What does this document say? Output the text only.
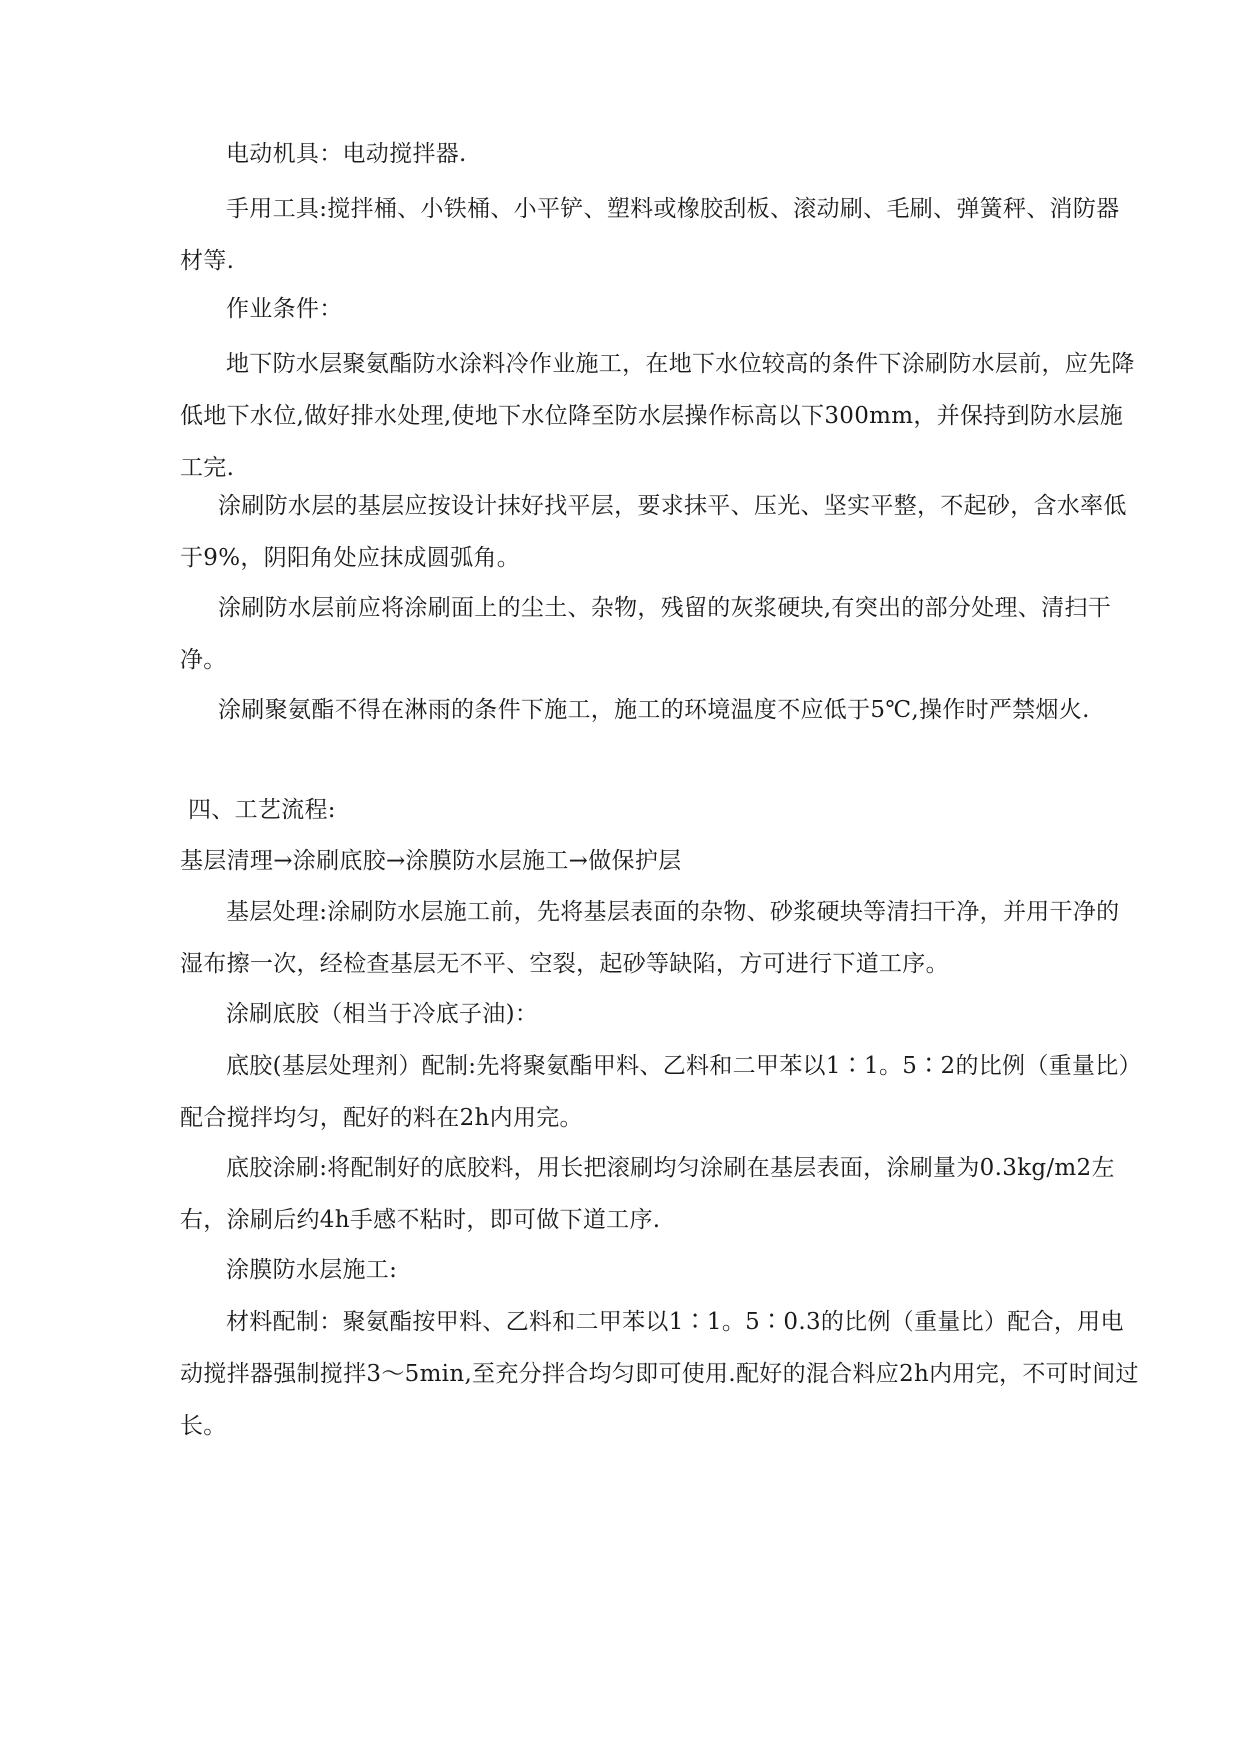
电动机具：电动搅拌器.

手用工具:搅拌桶、小铁桶、小平铲、塑料或橡胶刮板、滚动刷、毛刷、弹簧秤、消防器材等.

作业条件：

地下防水层聚氨酯防水涂料冷作业施工，在地下水位较高的条件下涂刷防水层前，应先降低地下水位,做好排水处理,使地下水位降至防水层操作标高以下300mm，并保持到防水层施工完.

涂刷防水层的基层应按设计抹好找平层，要求抹平、压光、坚实平整，不起砂，含水率低于9%，阴阳角处应抹成圆弧角。

涂刷防水层前应将涂刷面上的尘土、杂物，残留的灰浆硬块,有突出的部分处理、清扫干净。

涂刷聚氨酯不得在淋雨的条件下施工，施工的环境温度不应低于5℃,操作时严禁烟火.

四、工艺流程:

基层清理→涂刷底胶→涂膜防水层施工→做保护层

基层处理:涂刷防水层施工前，先将基层表面的杂物、砂浆硬块等清扫干净，并用干净的湿布擦一次，经检查基层无不平、空裂，起砂等缺陷，方可进行下道工序。

涂刷底胶（相当于冷底子油)：

底胶(基层处理剂）配制:先将聚氨酯甲料、乙料和二甲苯以1∶1。5∶2的比例（重量比）配合搅拌均匀，配好的料在2h内用完。

底胶涂刷:将配制好的底胶料，用长把滚刷均匀涂刷在基层表面，涂刷量为0.3kg/m2左右，涂刷后约4h手感不粘时，即可做下道工序.

涂膜防水层施工:

材料配制：聚氨酯按甲料、乙料和二甲苯以1∶1。5∶0.3的比例（重量比）配合，用电动搅拌器强制搅拌3～5min,至充分拌合均匀即可使用.配好的混合料应2h内用完，不可时间过长。
